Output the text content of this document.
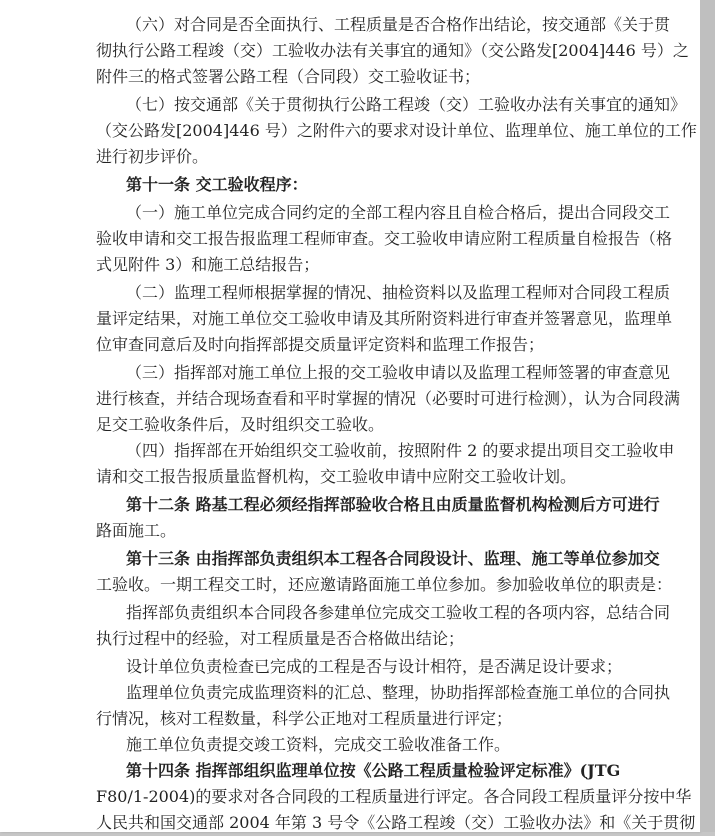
（六）对合同是否全面执行、工程质量是否合格作出结论，按交通部《关于贯
彻执行公路工程竣（交）工验收办法有关事宜的通知》（交公路发[2004]446 号）之
附件三的格式签署公路工程（合同段）交工验收证书；
（七）按交通部《关于贯彻执行公路工程竣（交）工验收办法有关事宜的通知》
（交公路发[2004]446 号）之附件六的要求对设计单位、监理单位、施工单位的工作
进行初步评价。
第十一条 交工验收程序：
（一）施工单位完成合同约定的全部工程内容且自检合格后，提出合同段交工
验收申请和交工报告报监理工程师审查。交工验收申请应附工程质量自检报告（格
式见附件 3）和施工总结报告；
（二）监理工程师根据掌握的情况、抽检资料以及监理工程师对合同段工程质
量评定结果，对施工单位交工验收申请及其所附资料进行审查并签署意见，监理单
位审查同意后及时向指挥部提交质量评定资料和监理工作报告；
（三）指挥部对施工单位上报的交工验收申请以及监理工程师签署的审查意见
进行核查，并结合现场查看和平时掌握的情况（必要时可进行检测），认为合同段满
足交工验收条件后，及时组织交工验收。
（四）指挥部在开始组织交工验收前，按照附件 2 的要求提出项目交工验收申
请和交工报告报质量监督机构，交工验收申请中应附交工验收计划。
第十二条 路基工程必须经指挥部验收合格且由质量监督机构检测后方可进行
路面施工。
第十三条 由指挥部负责组织本工程各合同段设计、监理、施工等单位参加交
工验收。一期工程交工时，还应邀请路面施工单位参加。参加验收单位的职责是：
指挥部负责组织本合同段各参建单位完成交工验收工程的各项内容，总结合同
执行过程中的经验，对工程质量是否合格做出结论；
设计单位负责检查已完成的工程是否与设计相符，是否满足设计要求；
监理单位负责完成监理资料的汇总、整理，协助指挥部检查施工单位的合同执
行情况，核对工程数量，科学公正地对工程质量进行评定；
施工单位负责提交竣工资料，完成交工验收准备工作。
第十四条 指挥部组织监理单位按《公路工程质量检验评定标准》(JTG
F80/1-2004)的要求对各合同段的工程质量进行评定。各合同段工程质量评分按中华
人民共和国交通部 2004 年第 3 号令《公路工程竣（交）工验收办法》和《关于贯彻
